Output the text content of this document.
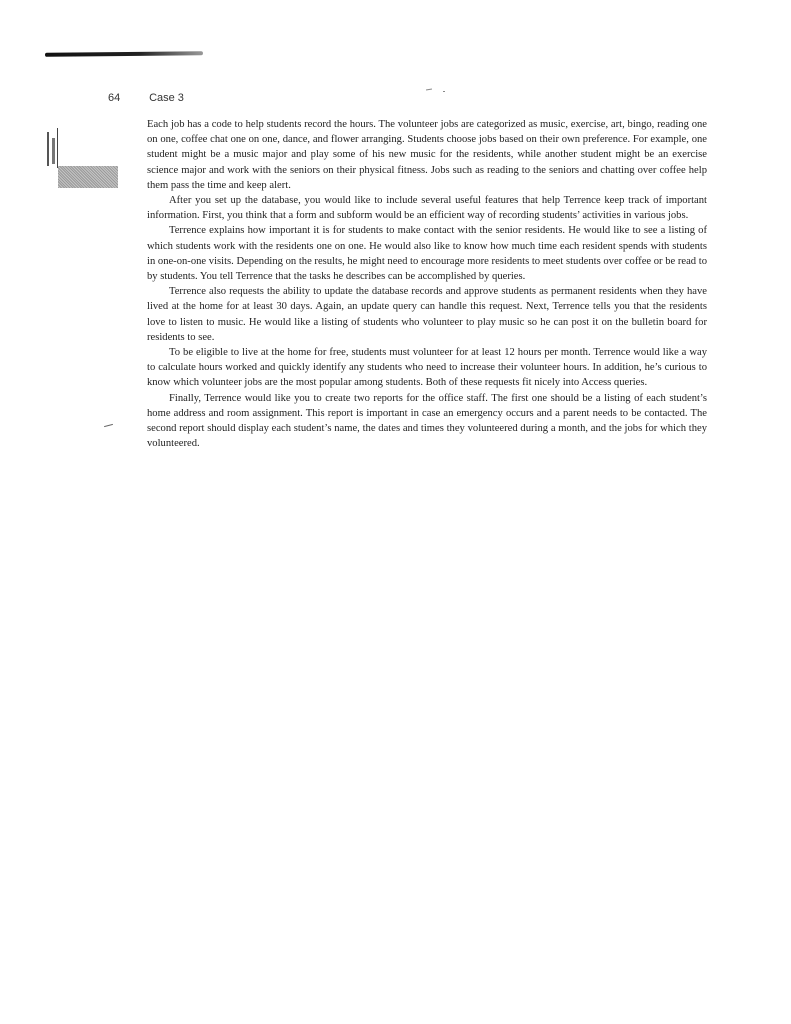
64	Case 3

Each job has a code to help students record the hours. The volunteer jobs are categorized as music, exercise, art, bingo, reading one on one, coffee chat one on one, dance, and flower arranging. Students choose jobs based on their own preference. For example, one student might be a music major and play some of his new music for the residents, while another student might be an exercise science major and work with the seniors on their physical fitness. Jobs such as reading to the seniors and chatting over coffee help them pass the time and keep alert.

After you set up the database, you would like to include several useful features that help Terrence keep track of important information. First, you think that a form and subform would be an efficient way of recording students’ activities in various jobs.

Terrence explains how important it is for students to make contact with the senior residents. He would like to see a listing of which students work with the residents one on one. He would also like to know how much time each resident spends with students in one-on-one visits. Depending on the results, he might need to encourage more residents to meet students over coffee or be read to by students. You tell Terrence that the tasks he describes can be accomplished by queries.

Terrence also requests the ability to update the database records and approve students as permanent residents when they have lived at the home for at least 30 days. Again, an update query can handle this request. Next, Terrence tells you that the residents love to listen to music. He would like a listing of students who volunteer to play music so he can post it on the bulletin board for residents to see.

To be eligible to live at the home for free, students must volunteer for at least 12 hours per month. Terrence would like a way to calculate hours worked and quickly identify any students who need to increase their volunteer hours. In addition, he’s curious to know which volunteer jobs are the most popular among students. Both of these requests fit nicely into Access queries.

Finally, Terrence would like you to create two reports for the office staff. The first one should be a listing of each student’s home address and room assignment. This report is important in case an emergency occurs and a parent needs to be contacted. The second report should display each student’s name, the dates and times they volunteered during a month, and the jobs for which they volunteered.
